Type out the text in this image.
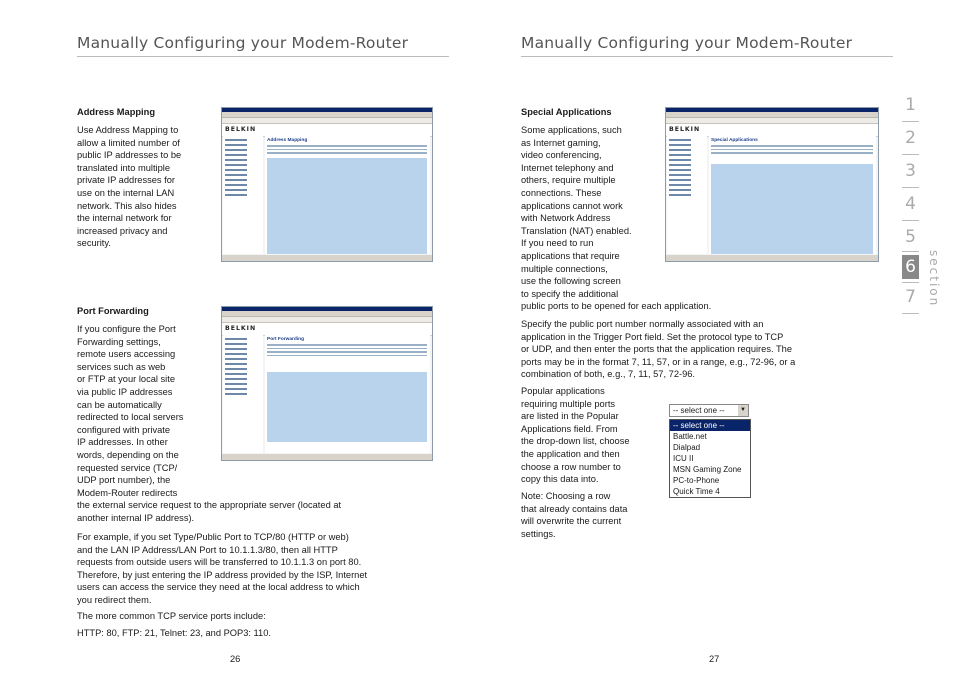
Manually Configuring your Modem-Router
Address Mapping
Use Address Mapping to
allow a limited number of
public IP addresses to be
translated into multiple
private IP addresses for
use on the internal LAN
network. This also hides
the internal network for
increased privacy and
security.
BELKIN
Address Mapping
Port Forwarding
If you configure the Port
Forwarding settings,
remote users accessing
services such as web
or FTP at your local site
via public IP addresses
can be automatically
redirected to local servers
configured with private
IP addresses. In other
words, depending on the
requested service (TCP/
UDP port number), the
Modem-Router redirects
the external service request to the appropriate server (located at
another internal IP address).
BELKIN
Port Forwarding
For example, if you set Type/Public Port to TCP/80 (HTTP or web)
and the LAN IP Address/LAN Port to 10.1.1.3/80, then all HTTP
requests from outside users will be transferred to 10.1.1.3 on port 80.
Therefore, by just entering the IP address provided by the ISP, Internet
users can access the service they need at the local address to which
you redirect them.
The more common TCP service ports include:
HTTP: 80, FTP: 21, Telnet: 23, and POP3: 110.
26
Manually Configuring your Modem-Router
Special Applications
Some applications, such
as Internet gaming,
video conferencing,
Internet telephony and
others, require multiple
connections. These
applications cannot work
with Network Address
Translation (NAT) enabled.
If you need to run
applications that require
multiple connections,
use the following screen
to specify the additional
public ports to be opened for each application.
BELKIN
Special Applications
Specify the public port number normally associated with an
application in the Trigger Port field. Set the protocol type to TCP
or UDP, and then enter the ports that the application requires. The
ports may be in the format 7, 11, 57, or in a range, e.g., 72-96, or a
combination of both, e.g., 7, 11, 57, 72-96.
Popular applications
requiring multiple ports
are listed in the Popular
Applications field. From
the drop-down list, choose
the application and then
choose a row number to
copy this data into.
Note: Choosing a row
that already contains data
will overwrite the current
settings.
-- select one --	▼
-- select one --
Battle.net
Dialpad
ICU II
MSN Gaming Zone
PC-to-Phone
Quick Time 4
27
1
2
3
4
5
6
7 section
